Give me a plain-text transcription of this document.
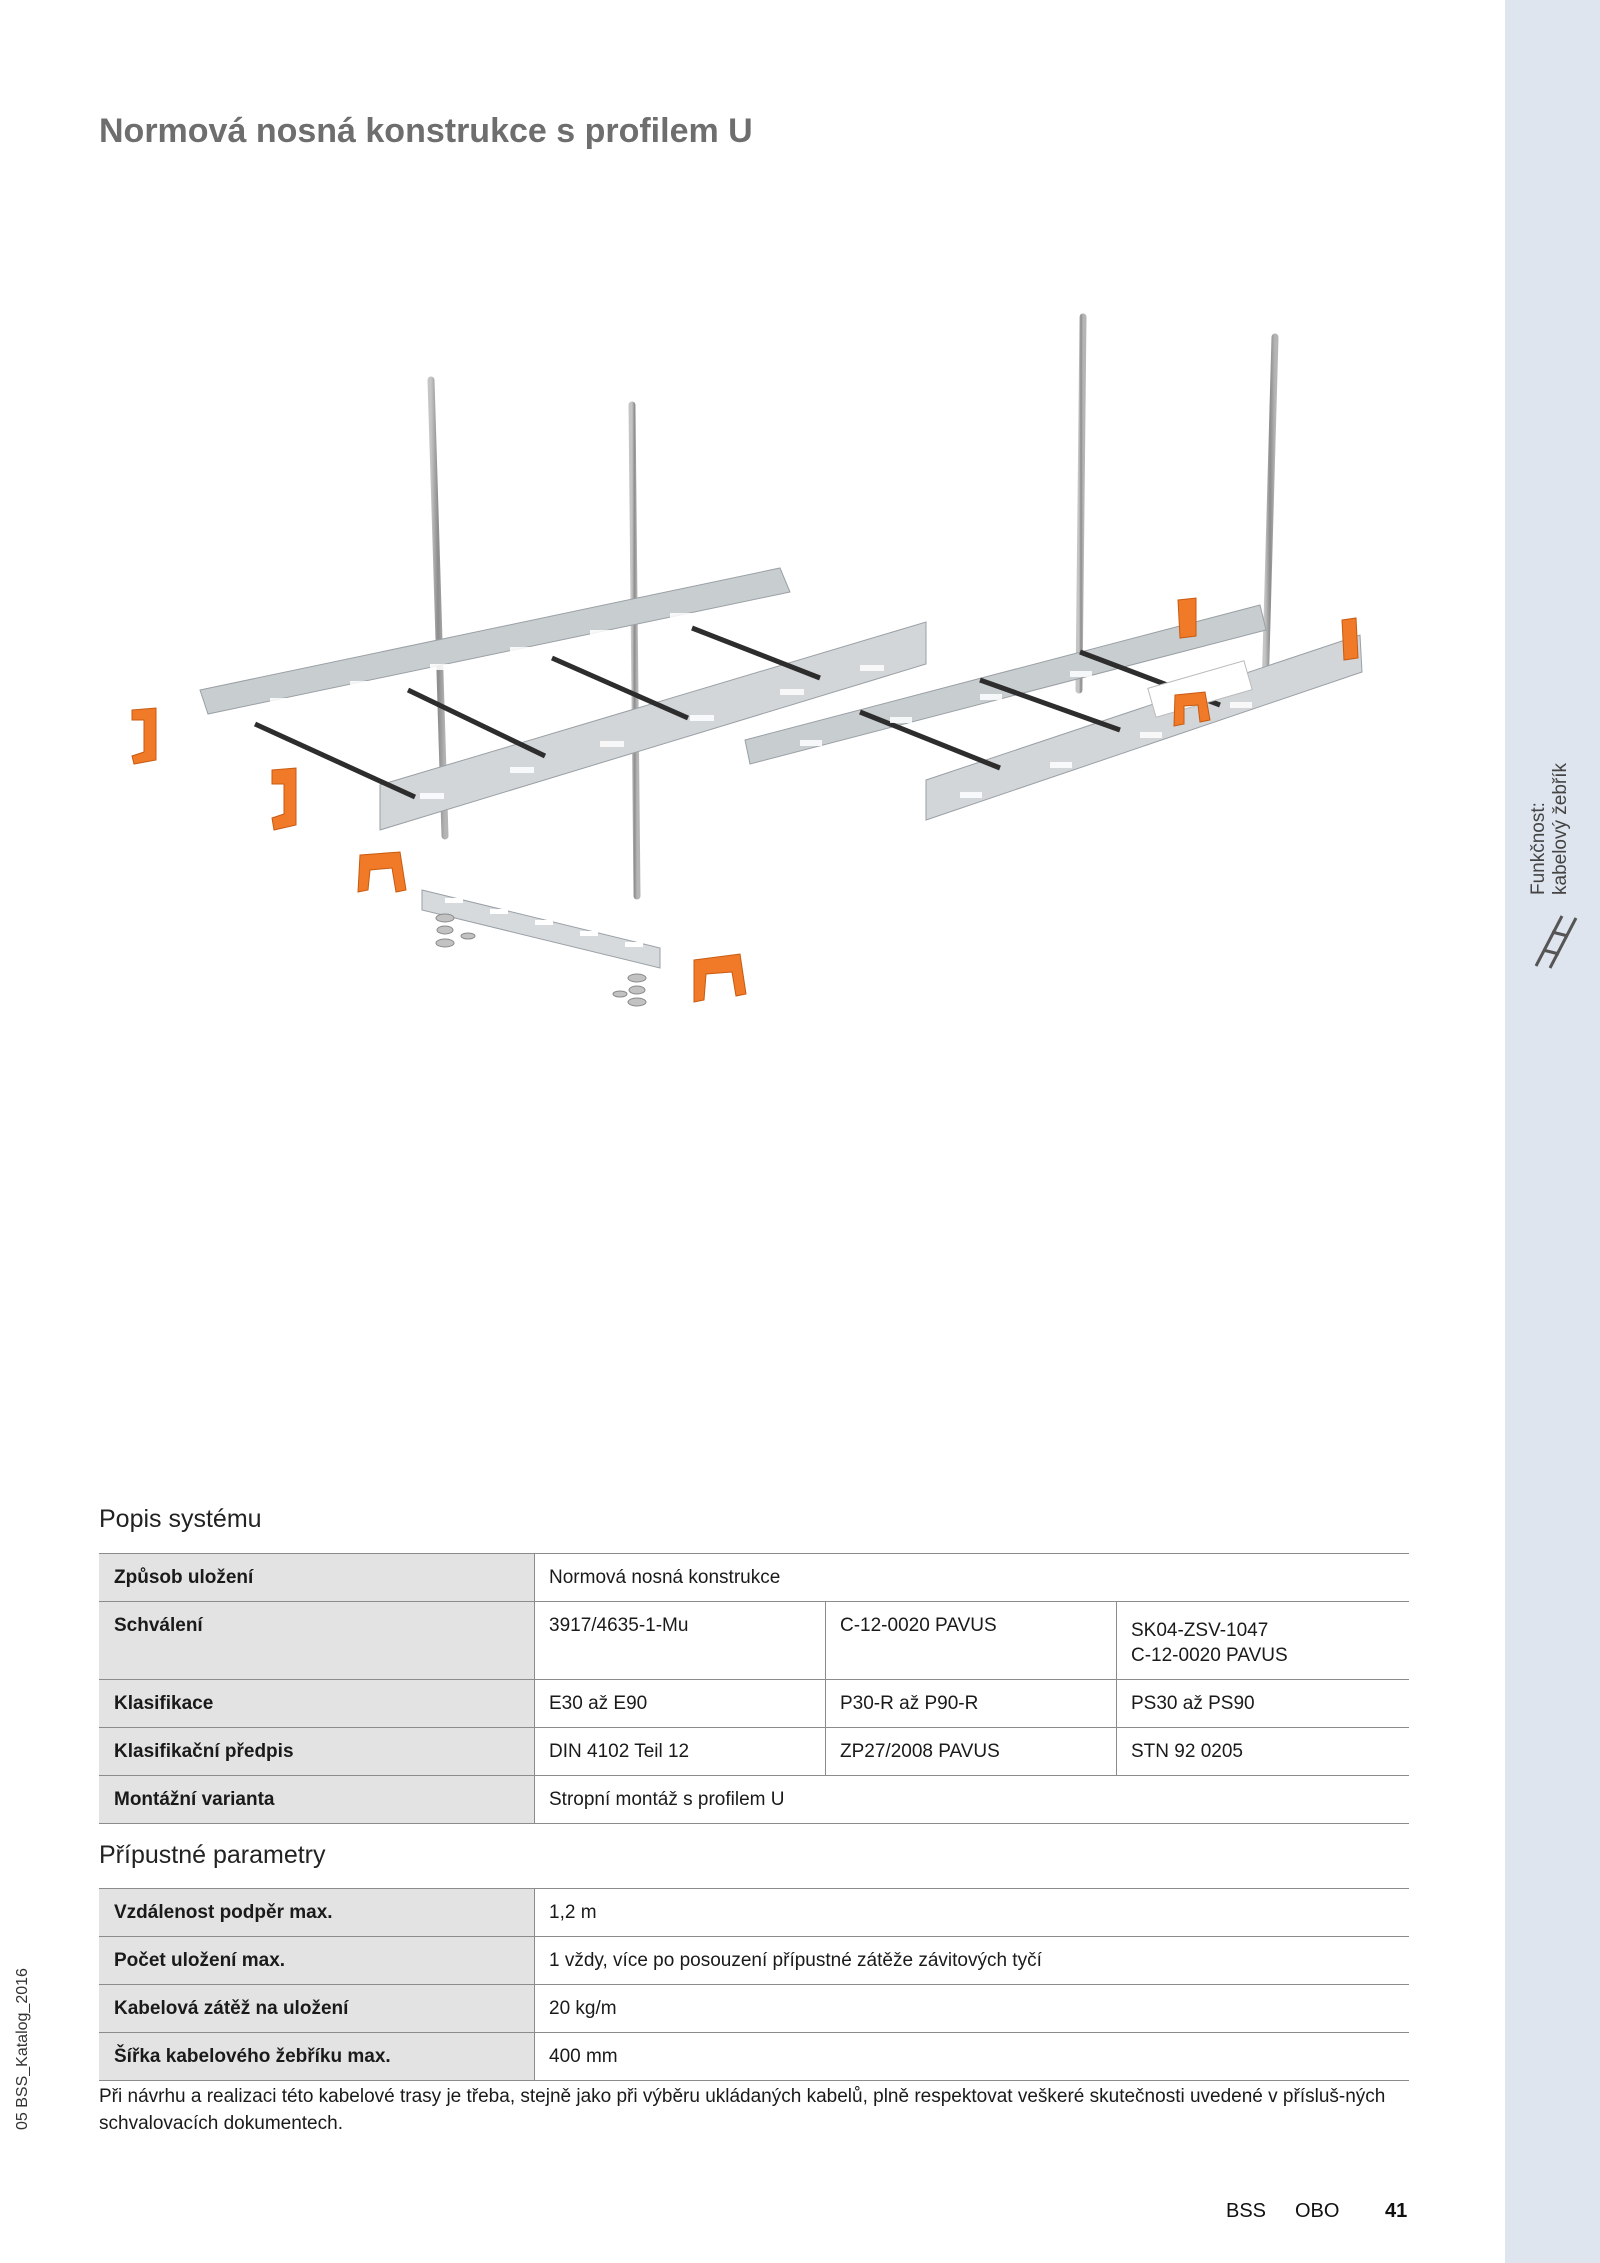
Funkčnost: kabelový žebřík
05 BSS_Katalog_2016
Normová nosná konstrukce s profilem U
Popis systému
Způsob uložení	Normová nosná konstrukce		
Schválení	3917/4635-1-Mu	C-12-0020 PAVUS	SK04-ZSV-1047
C-12-0020 PAVUS

Klasifikace	E30 až E90	P30-R až P90-R	PS30 až PS90
Klasifikační předpis	DIN 4102 Teil 12	ZP27/2008 PAVUS	STN 92 0205
Montážní varianta	Stropní montáž s profilem U		
Přípustné parametry
Vzdálenost podpěr max.	1,2 m
Počet uložení max.	1 vždy, více po posouzení přípustné zátěže závitových tyčí
Kabelová zátěž na uložení	20 kg/m
Šířka kabelového žebříku max.	400 mm

Při návrhu a realizaci této kabelové trasy je třeba, stejně jako při výběru ukládaných kabelů, plně respektovat veškeré skutečnosti uvedené v přísluš-ných schvalovacích dokumentech.

BSS OBO 41
